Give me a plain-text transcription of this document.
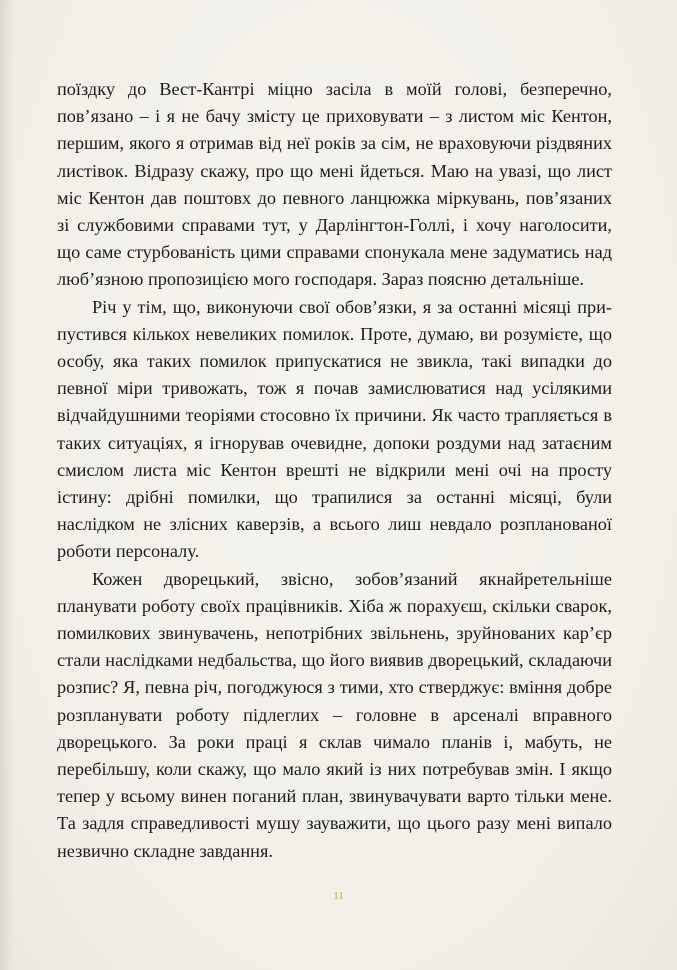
поїздку до Вест-Кантрі міцно засіла в моїй голові, безперечно, пов’язано – і я не бачу змісту це приховувати – з листом міс Кентон, першим, якого я отримав від неї років за сім, не враховуючи різдвяних листівок. Відразу скажу, про що мені йдеться. Маю на увазі, що лист міс Кентон дав поштовх до певного ланцюжка міркувань, пов’язаних зі службовими справами тут, у Дарлінгтон-Голлі, і хочу наголосити, що саме стурбованість цими справами спонукала мене задуматись над люб’язною пропозицією мого господаря. Зараз поясню детальніше.

Річ у тім, що, виконуючи свої обов’язки, я за останні місяці припустився кількох невеликих помилок. Проте, думаю, ви розумієте, що особу, яка таких помилок припускатися не звикла, такі випадки до певної міри тривожать, тож я почав замислюватися над усілякими відчайдушними теоріями стосовно їх причини. Як часто трапляється в таких ситуаціях, я ігнорував очевидне, допоки роздуми над затаєним смислом листа міс Кентон врешті не відкрили мені очі на просту істину: дрібні помилки, що трапилися за останні місяці, були наслідком не злісних каверзів, а всього лиш невдало розпланованої роботи персоналу.

Кожен дворецький, звісно, зобов’язаний якнайретельніше планувати роботу своїх працівників. Хіба ж порахуєш, скільки сварок, помилкових звинувачень, непотрібних звільнень, зруйнованих кар’єр стали наслідками недбальства, що його виявив дворецький, складаючи розпис? Я, певна річ, погоджуюся з тими, хто стверджує: вміння добре розпланувати роботу підлеглих – головне в арсеналі вправного дворецького. За роки праці я склав чимало планів і, мабуть, не перебільшу, коли скажу, що мало який із них потребував змін. І якщо тепер у всьому винен поганий план, звинувачувати варто тільки мене. Та задля справедливості мушу зауважити, що цього разу мені випало незвично складне завдання.

11
